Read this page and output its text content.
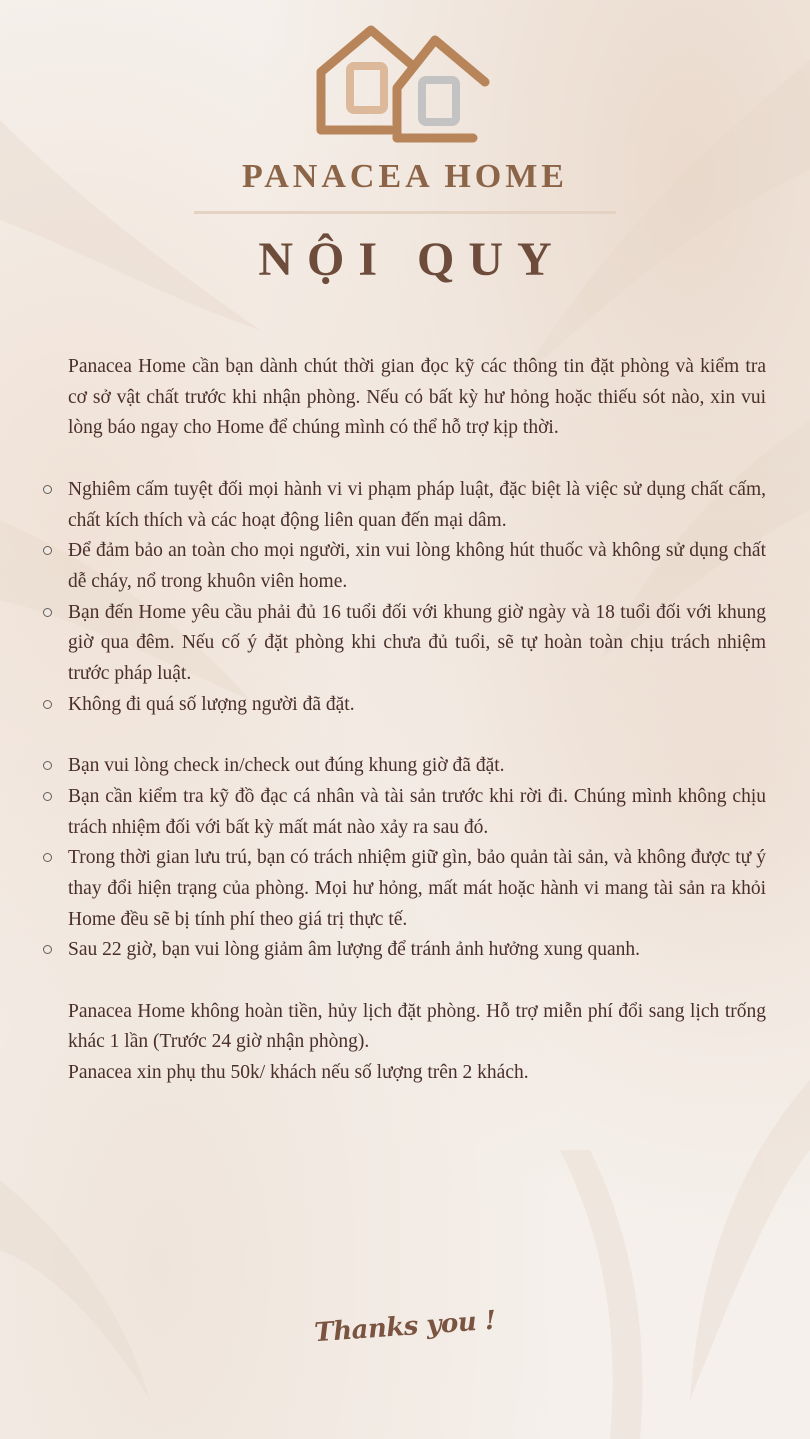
PANACEA HOME
NỘI QUY

Panacea Home cần bạn dành chút thời gian đọc kỹ các thông tin đặt phòng và kiểm tra cơ sở vật chất trước khi nhận phòng. Nếu có bất kỳ hư hỏng hoặc thiếu sót nào, xin vui lòng báo ngay cho Home để chúng mình có thể hỗ trợ kịp thời.

Nghiêm cấm tuyệt đối mọi hành vi vi phạm pháp luật, đặc biệt là việc sử dụng chất cấm, chất kích thích và các hoạt động liên quan đến mại dâm.
Để đảm bảo an toàn cho mọi người, xin vui lòng không hút thuốc và không sử dụng chất dễ cháy, nổ trong khuôn viên home.
Bạn đến Home yêu cầu phải đủ 16 tuổi đối với khung giờ ngày và 18 tuổi đối với khung giờ qua đêm. Nếu cố ý đặt phòng khi chưa đủ tuổi, sẽ tự hoàn toàn chịu trách nhiệm trước pháp luật.
Không đi quá số lượng người đã đặt.
Bạn vui lòng check in/check out đúng khung giờ đã đặt.
Bạn cần kiểm tra kỹ đồ đạc cá nhân và tài sản trước khi rời đi. Chúng mình không chịu trách nhiệm đối với bất kỳ mất mát nào xảy ra sau đó.
Trong thời gian lưu trú, bạn có trách nhiệm giữ gìn, bảo quản tài sản, và không được tự ý thay đổi hiện trạng của phòng. Mọi hư hỏng, mất mát hoặc hành vi mang tài sản ra khỏi Home đều sẽ bị tính phí theo giá trị thực tế.
Sau 22 giờ, bạn vui lòng giảm âm lượng để tránh ảnh hưởng xung quanh.

Panacea Home không hoàn tiền, hủy lịch đặt phòng. Hỗ trợ miễn phí đổi sang lịch trống khác 1 lần (Trước 24 giờ nhận phòng).

Panacea xin phụ thu 50k/ khách nếu số lượng trên 2 khách.

Thanks you !
